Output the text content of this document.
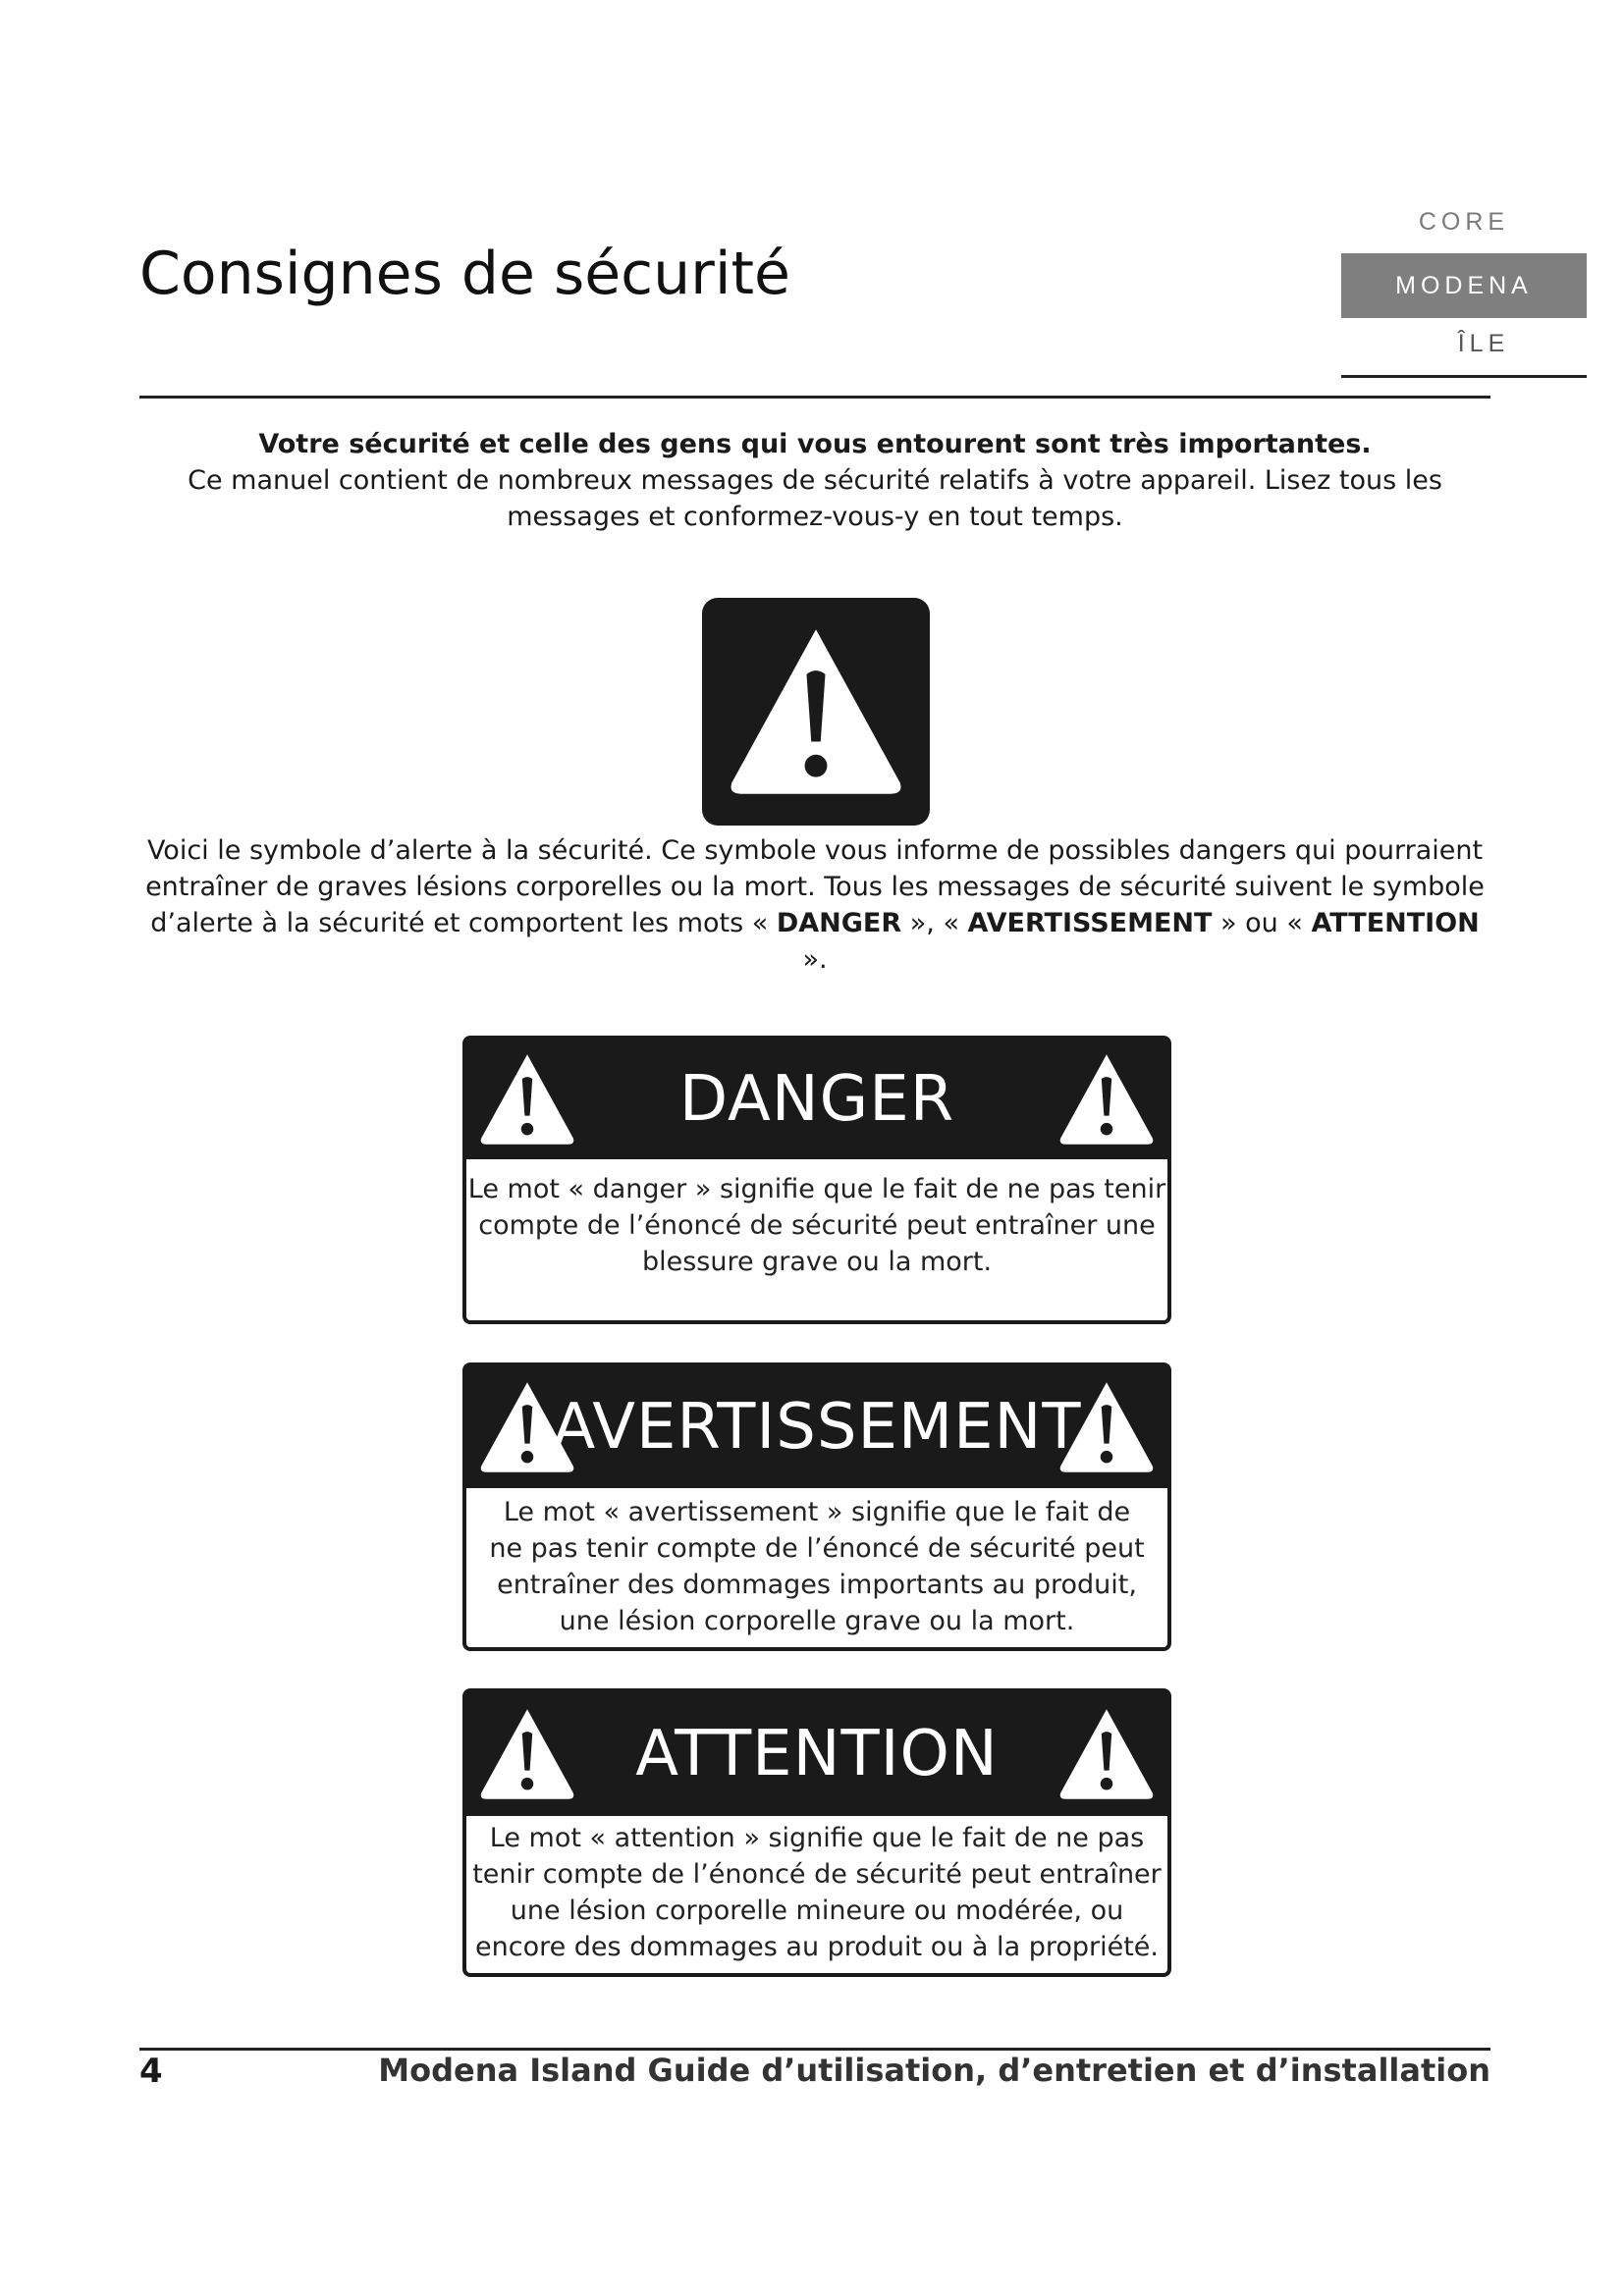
Consignes de sécurité
CORE
MODENA
ÎLE
Votre sécurité et celle des gens qui vous entourent sont très importantes.
Ce manuel contient de nombreux messages de sécurité relatifs à votre appareil. Lisez tous les messages et conformez-vous-y en tout temps.
Voici le symbole d’alerte à la sécurité. Ce symbole vous informe de possibles dangers qui pourraient entraîner de graves lésions corporelles ou la mort. Tous les messages de sécurité suivent le symbole d’alerte à la sécurité et comportent les mots « DANGER », « AVERTISSEMENT » ou « ATTENTION ».
DANGER
Le mot « danger » signifie que le fait de ne pas tenir
compte de l’énoncé de sécurité peut entraîner une
blessure grave ou la mort.
AVERTISSEMENT
Le mot « avertissement » signifie que le fait de
ne pas tenir compte de l’énoncé de sécurité peut
entraîner des dommages importants au produit,
une lésion corporelle grave ou la mort.
ATTENTION
Le mot « attention » signifie que le fait de ne pas
tenir compte de l’énoncé de sécurité peut entraîner
une lésion corporelle mineure ou modérée, ou
encore des dommages au produit ou à la propriété.
4	Modena Island Guide d’utilisation, d’entretien et d’installation
